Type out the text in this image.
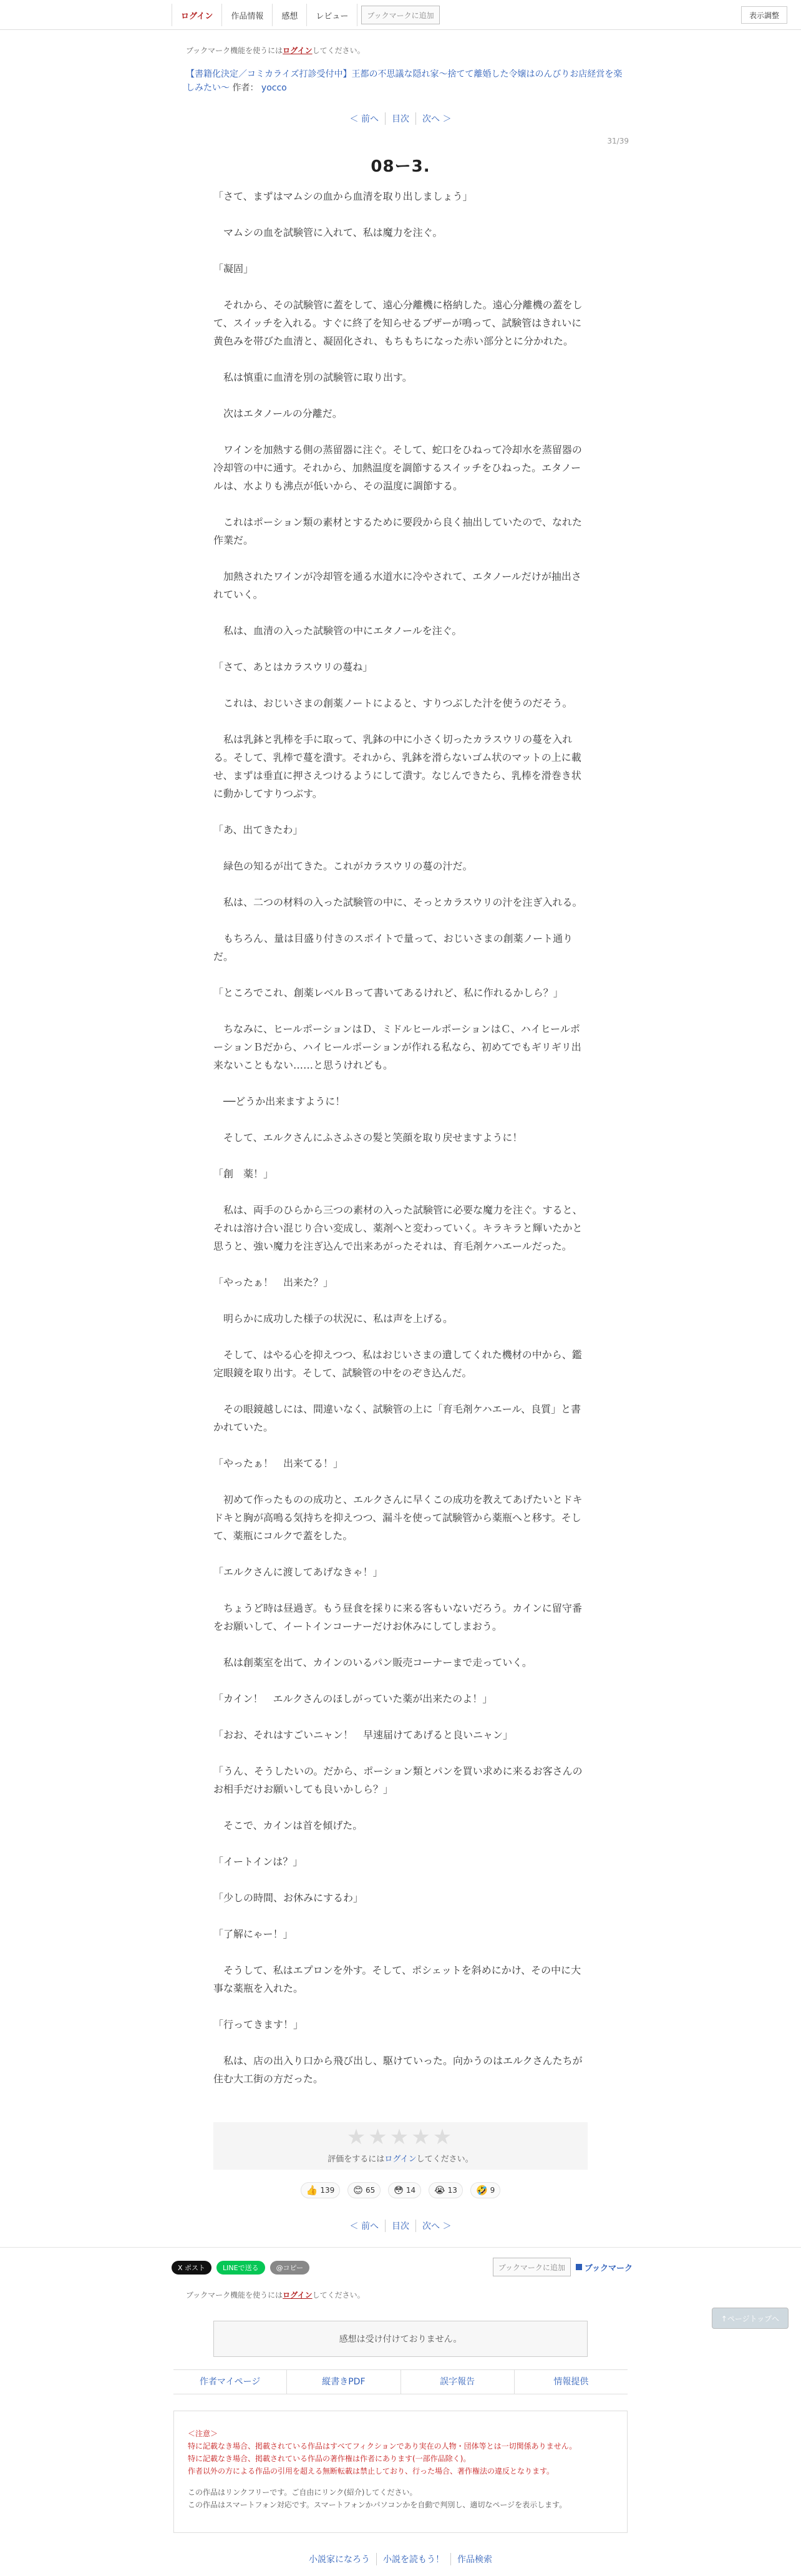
ログイン	作品情報	感想	レビュー	ブックマークに追加	表示調整
ブックマーク機能を使うにはログインしてください。
【書籍化決定／コミカライズ打診受付中】王都の不思議な隠れ家〜捨てて離婚した令嬢はのんびりお店経営を楽しみたい〜 作者： yocco
＜ 前へ	目次	次へ ＞
31/39
08ー3.

「さて、まずはマムシの血から血清を取り出しましょう」

　マムシの血を試験管に入れて、私は魔力を注ぐ。

「凝固」

　それから、その試験管に蓋をして、遠心分離機に格納した。遠心分離機の蓋をして、スイッチを入れる。すぐに終了を知らせるブザーが鳴って、試験管はきれいに黄色みを帯びた血清と、凝固化され、もちもちになった赤い部分とに分かれた。

　私は慎重に血清を別の試験管に取り出す。

　次はエタノールの分離だ。

　ワインを加熱する側の蒸留器に注ぐ。そして、蛇口をひねって冷却水を蒸留器の冷却管の中に通す。それから、加熱温度を調節するスイッチをひねった。エタノールは、水よりも沸点が低いから、その温度に調節する。

　これはポーション類の素材とするために要段から良く抽出していたので、なれた作業だ。

　加熱されたワインが冷却管を通る水道水に冷やされて、エタノールだけが抽出されていく。

　私は、血清の入った試験管の中にエタノールを注ぐ。

「さて、あとはカラスウリの蔓ね」

　これは、おじいさまの創薬ノートによると、すりつぶした汁を使うのだそう。

　私は乳鉢と乳棒を手に取って、乳鉢の中に小さく切ったカラスウリの蔓を入れる。そして、乳棒で蔓を潰す。それから、乳鉢を滑らないゴム状のマットの上に載せ、まずは垂直に押さえつけるようにして潰す。なじんできたら、乳棒を滑巻き状に動かしてすりつぶす。

「あ、出てきたわ」

　緑色の知るが出てきた。これがカラスウリの蔓の汁だ。

　私は、二つの材料の入った試験管の中に、そっとカラスウリの汁を注ぎ入れる。

　もちろん、量は目盛り付きのスポイトで量って、おじいさまの創薬ノート通りだ。

「ところでこれ、創薬レベルＢって書いてあるけれど、私に作れるかしら？」

　ちなみに、ヒールポーションはＤ、ミドルヒールポーションはＣ、ハイヒールポーションＢだから、ハイヒールポーションが作れる私なら、初めてでもギリギリ出来ないこともない……と思うけれども。

　──どうか出来ますように！

　そして、エルクさんにふさふさの髪と笑顔を取り戻せますように！

「創　薬！」

　私は、両手のひらから三つの素材の入った試験管に必要な魔力を注ぐ。すると、それは溶け合い混じり合い変成し、薬剤へと変わっていく。キラキラと輝いたかと思うと、強い魔力を注ぎ込んで出来あがったそれは、育毛剤ケハエールだった。

「やったぁ！　出来た？」

　明らかに成功した様子の状況に、私は声を上げる。

　そして、はやる心を抑えつつ、私はおじいさまの遺してくれた機材の中から、鑑定眼鏡を取り出す。そして、試験管の中をのぞき込んだ。

　その眼鏡越しには、間違いなく、試験管の上に「育毛剤ケハエール、良質」と書かれていた。

「やったぁ！　出来てる！」

　初めて作ったものの成功と、エルクさんに早くこの成功を教えてあげたいとドキドキと胸が高鳴る気持ちを抑えつつ、漏斗を使って試験管から薬瓶へと移す。そして、薬瓶にコルクで蓋をした。

「エルクさんに渡してあげなきゃ！」

　ちょうど時は昼過ぎ。もう昼食を採りに来る客もいないだろう。カインに留守番をお願いして、イートインコーナーだけお休みにしてしまおう。

　私は創薬室を出て、カインのいるパン販売コーナーまで走っていく。

「カイン！　エルクさんのほしがっていた薬が出来たのよ！」

「おお、それはすごいニャン！　早速届けてあげると良いニャン」

「うん、そうしたいの。だから、ポーション類とパンを買い求めに来るお客さんのお相手だけお願いしても良いかしら？」

　そこで、カインは首を傾げた。

「イートインは？」

「少しの時間、お休みにするわ」

「了解にゃー！」

　そうして、私はエプロンを外す。そして、ポシェットを斜めにかけ、その中に大事な薬瓶を入れた。

「行ってきます！」

　私は、店の出入り口から飛び出し、駆けていった。向かうのはエルクさんたちが住む大工街の方だった。

★★★★★
評価をするにはログインしてください。
👍 139 😊 65 😳 14 😭 13 🤣 9
＜ 前へ	目次	次へ ＞
X ポスト	LINEで送る	@コピー	ブックマークに追加	ブックマーク
ブックマーク機能を使うにはログインしてください。
感想は受け付けておりません。
↑ページトップへ
作者マイページ	縦書きPDF	誤字報告	情報提供
＜注意＞
特に記載なき場合、掲載されている作品はすべてフィクションであり実在の人物・団体等とは一切関係ありません。
特に記載なき場合、掲載されている作品の著作権は作者にあります(一部作品除く)。
作者以外の方による作品の引用を超える無断転載は禁止しており、行った場合、著作権法の違反となります。
この作品はリンクフリーです。ご自由にリンク(紹介)してください。
この作品はスマートフォン対応です。スマートフォンかパソコンかを自動で判別し、適切なページを表示します。
小説家になろう	小説を読もう！	作品検索
